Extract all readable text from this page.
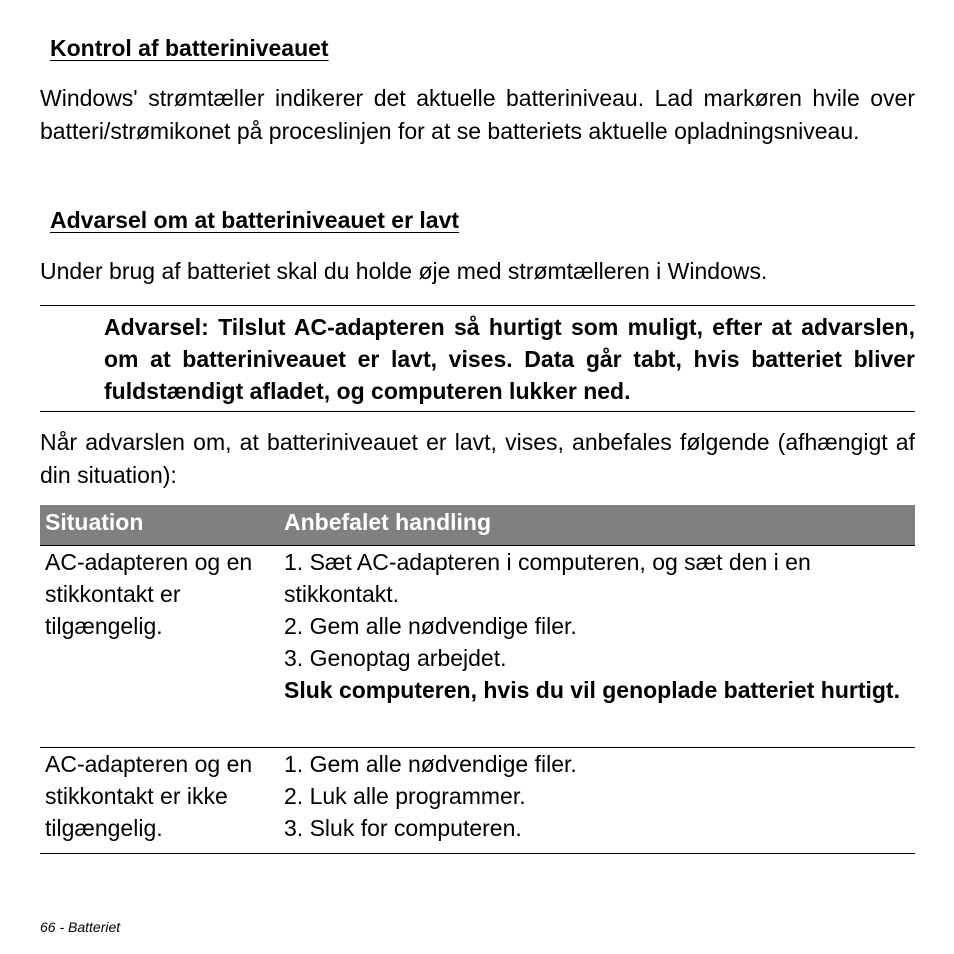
Kontrol af batteriniveauet

Windows' strømtæller indikerer det aktuelle batteriniveau. Lad markøren hvile over batteri/strømikonet på proceslinjen for at se batteriets aktuelle opladningsniveau.

Advarsel om at batteriniveauet er lavt

Under brug af batteriet skal du holde øje med strømtælleren i Windows.

Advarsel: Tilslut AC-adapteren så hurtigt som muligt, efter at advarslen, om at batteriniveauet er lavt, vises. Data går tabt, hvis batteriet bliver fuldstændigt afladet, og computeren lukker ned.

Når advarslen om, at batteriniveauet er lavt, vises, anbefales følgende (afhængigt af din situation):

Situation	Anbefalet handling
AC-adapteren og en stikkontakt er tilgængelig.
1. Sæt AC-adapteren i computeren, og sæt den i en stikkontakt.
2. Gem alle nødvendige filer.
3. Genoptag arbejdet.
Sluk computeren, hvis du vil genoplade batteriet hurtigt.
AC-adapteren og en stikkontakt er ikke tilgængelig.
1. Gem alle nødvendige filer.
2. Luk alle programmer.
3. Sluk for computeren.
66 - Batteriet
